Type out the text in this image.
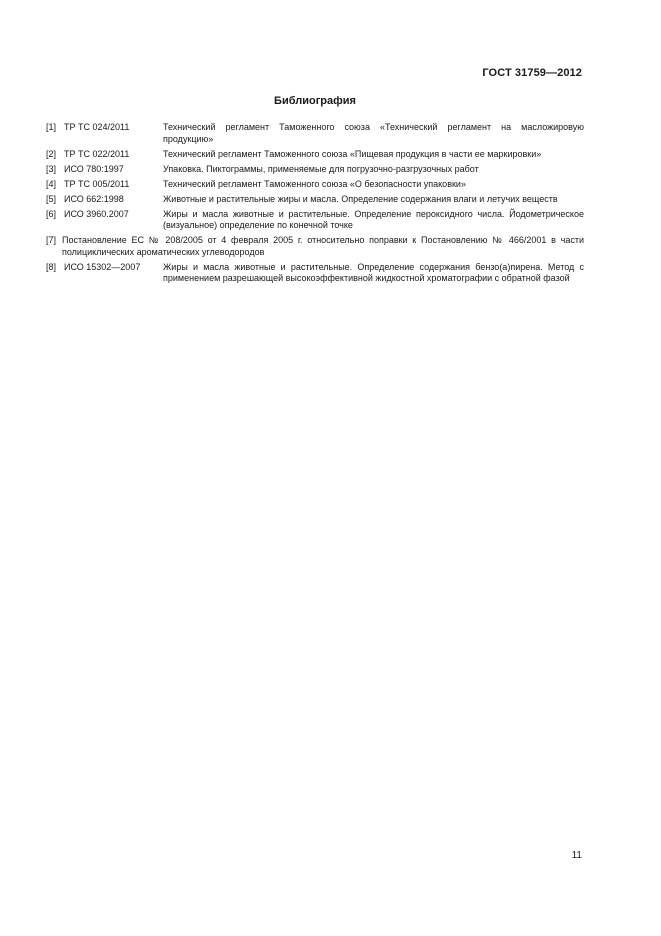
ГОСТ 31759—2012
Библиография
[1] ТР ТС 024/2011	Технический регламент Таможенного союза «Технический регламент на масложировую продукцию»
[2] ТР ТС 022/2011	Технический регламент Таможенного союза «Пищевая продукция в части ее маркировки»
[3] ИСО 780:1997	Упаковка. Пиктограммы, применяемые для погрузочно-разгрузочных работ
[4] ТР ТС 005/2011	Технический регламент Таможенного союза «О безопасности упаковки»
[5] ИСО 662:1998	Животные и растительные жиры и масла. Определение содержания влаги и летучих веществ
[6] ИСО 3960.2007	Жиры и масла животные и растительные. Определение пероксидного числа. Йодометрическое (визуальное) определение по конечной точке
[7] Постановление ЕС № 208/2005 от 4 февраля 2005 г. относительно поправки к Постановлению № 466/2001 в части полициклических ароматических углеводородов
[8] ИСО 15302—2007	Жиры и масла животные и растительные. Определение содержания бензо(а)пирена. Метод с применением разрешающей высокоэффективной жидкостной хроматографии с обратной фазой
11
